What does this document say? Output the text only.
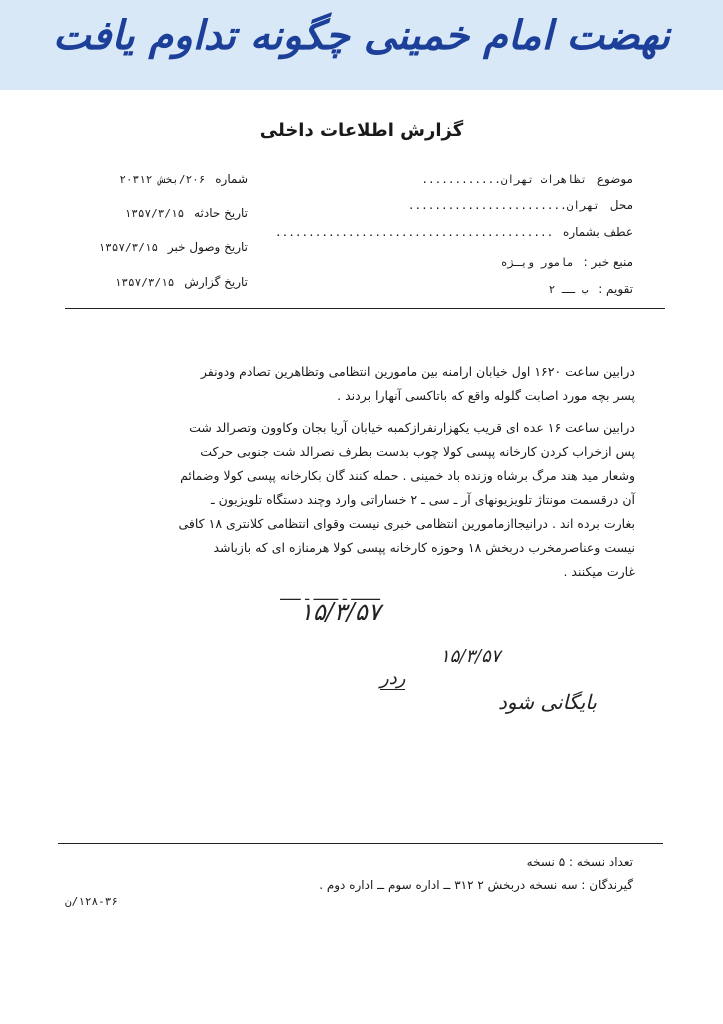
نهضت امام خمینی چگونه تداوم یافت
گزارش اطلاعات داخلی
موضوع تظاهرات تهران............
محل تهران........................
عطف بشماره ..........................................
منبع خبر : مامور ویـژه
تقویم : ب ــ ۲
شماره ۲۰۶/بخش ۲۰۳۱۲
تاریخ حادثه ۱۳۵۷/۳/۱۵
تاریخ وصول خبر ۱۳۵۷/۳/۱۵
تاریخ گزارش ۱۳۵۷/۳/۱۵

درابین ساعت ۱۶۲۰ اول خیابان ارامنه بین مامورین انتظامی وتظاهرین تصادم ودونفر

پسر بچه مورد اصابت گلوله واقع که باتاکسی آنهارا بردند .

درابین ساعت ۱۶ عده ای قریب یکهزارنفرازکمبه خیابان آریا بجان وکاوون وتصرالد شت

پس ازخراب کردن کارخانه پپسی کولا چوب بدست بطرف نصرالد شت جنوبی حرکت

وشعار مید هند مرگ برشاه وزنده باد خمینی . حمله کنند گان بکارخانه پپسی کولا وضمائم

آن درقسمت مونتاژ تلویزیونهای آر ـ سی ـ ۲ خساراتی وارد وچند دستگاه تلویزیون ـ

بغارت برده اند . درانیجاازمامورین انتظامی خبری نیست وقوای انتظامی کلانتری ۱۸ کافی

نیست وعناصرمخرب دربخش ۱۸ وحوزه کارخانه پپسی کولا هرمنازه ای که بازباشد

غارت میکنند .

ـــــــ ـ ــــــ ـ ـــــ
۱۵/۳/۵۷
۱۵/۳/۵۷
ردر
بایگانی شود
تعداد نسخه : ۵ نسخه
گیرندگان : سه نسخه دربخش ۲ ۳۱۲ ــ اداره سوم ــ اداره دوم .
۱۲۸-۳۶/ن
